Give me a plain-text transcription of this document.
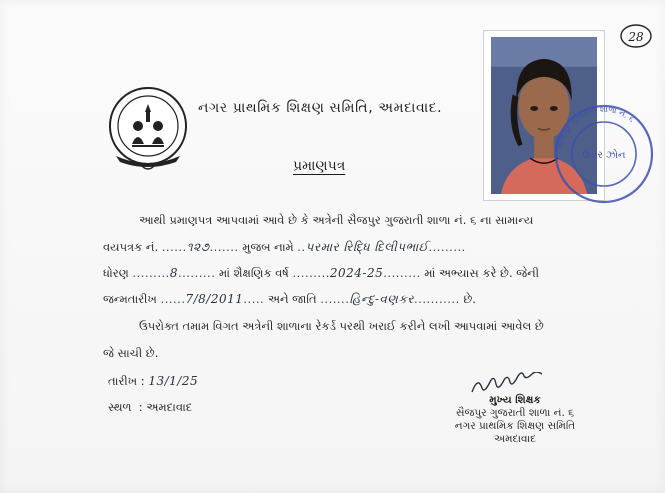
28
નગર પ્રાથમિક શિક્ષણ સમિતિ, અમદાવાદ.
પ્રમાણપત્ર
ઉત્તર ઝોન
સૈજપુર ગુજરાતી શાળા નં. ૬
આથી પ્રમાણપત્ર આપવામાં આવે છે કે અત્રેની સૈજપુર ગુજરાતી શાળા નં. ૬ ના સામાન્ય
વયપત્રક નં. ......૧૨૭....... મુજબ નામે ..પરમાર રિદ્ધિ દિલીપભાઈ.........
ધોરણ .........8......... માં શૈક્ષણિક વર્ષ .........2024-25......... માં અભ્યાસ કરે છે. જેની
જન્મતારીખ ......7/8/2011..... અને જાતિ .......હિન્દુ-વણકર........... છે.
ઉપરોક્ત તમામ વિગત અત્રેની શાળાના રેકર્ડ પરથી ખરાઈ કરીને લખી આપવામાં આવેલ છે
જે સાચી છે.
તારીખ : 13/1/25
સ્થળ : અમદાવાદ	મુખ્ય શિક્ષક
સૈજપુર ગુજરાતી શાળા નં. ૬
નગર પ્રાથમિક શિક્ષણ સમિતિ
અમદાવાદ
